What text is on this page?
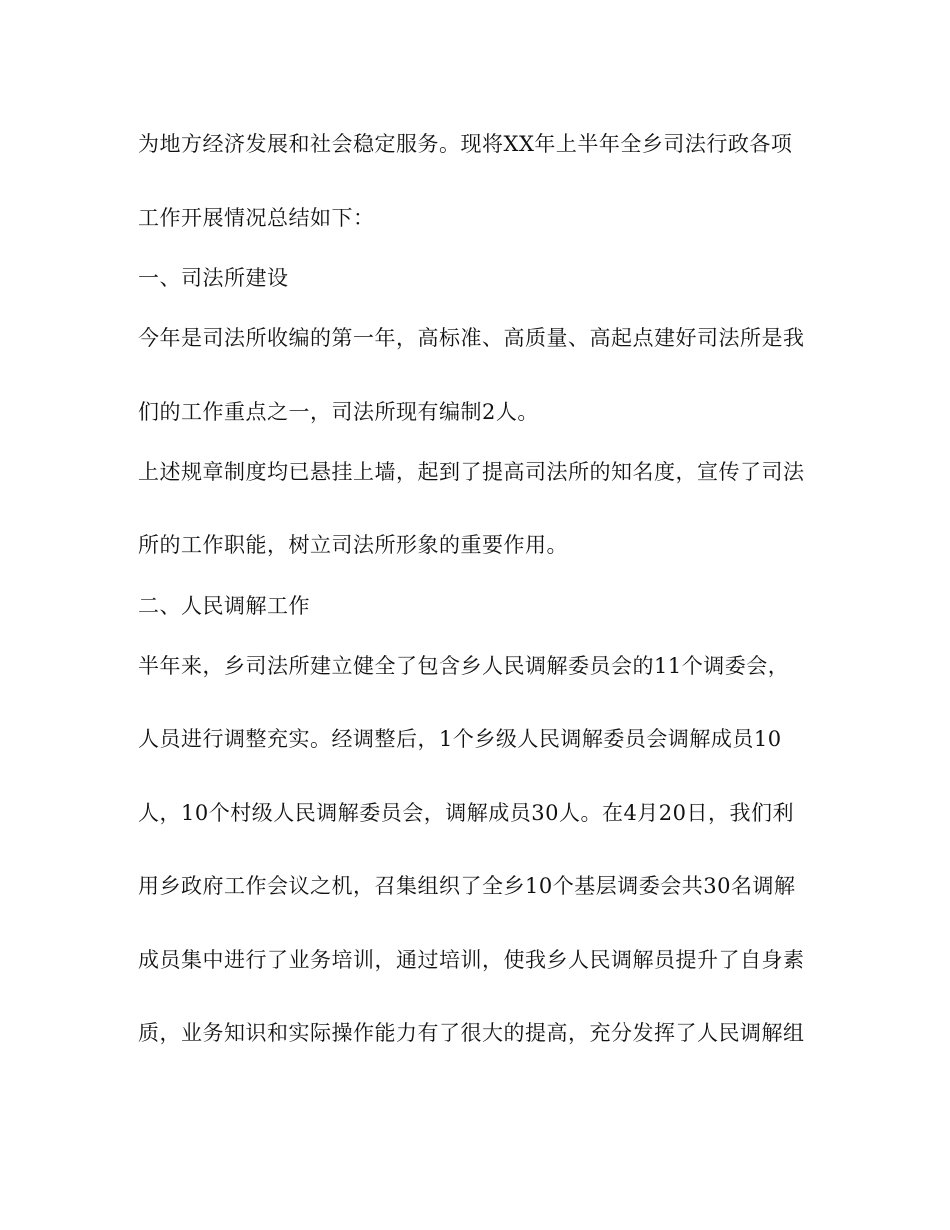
为地方经济发展和社会稳定服务。现将XX年上半年全乡司法行政各项
工作开展情况总结如下：
一、司法所建设
今年是司法所收编的第一年，高标准、高质量、高起点建好司法所是我
们的工作重点之一，司法所现有编制2人。
上述规章制度均已悬挂上墙，起到了提高司法所的知名度，宣传了司法
所的工作职能，树立司法所形象的重要作用。
二、人民调解工作
半年来，乡司法所建立健全了包含乡人民调解委员会的11个调委会，
人员进行调整充实。经调整后，1个乡级人民调解委员会调解成员10
人，10个村级人民调解委员会，调解成员30人。在4月20日，我们利
用乡政府工作会议之机，召集组织了全乡10个基层调委会共30名调解
成员集中进行了业务培训，通过培训，使我乡人民调解员提升了自身素
质，业务知识和实际操作能力有了很大的提高，充分发挥了人民调解组
